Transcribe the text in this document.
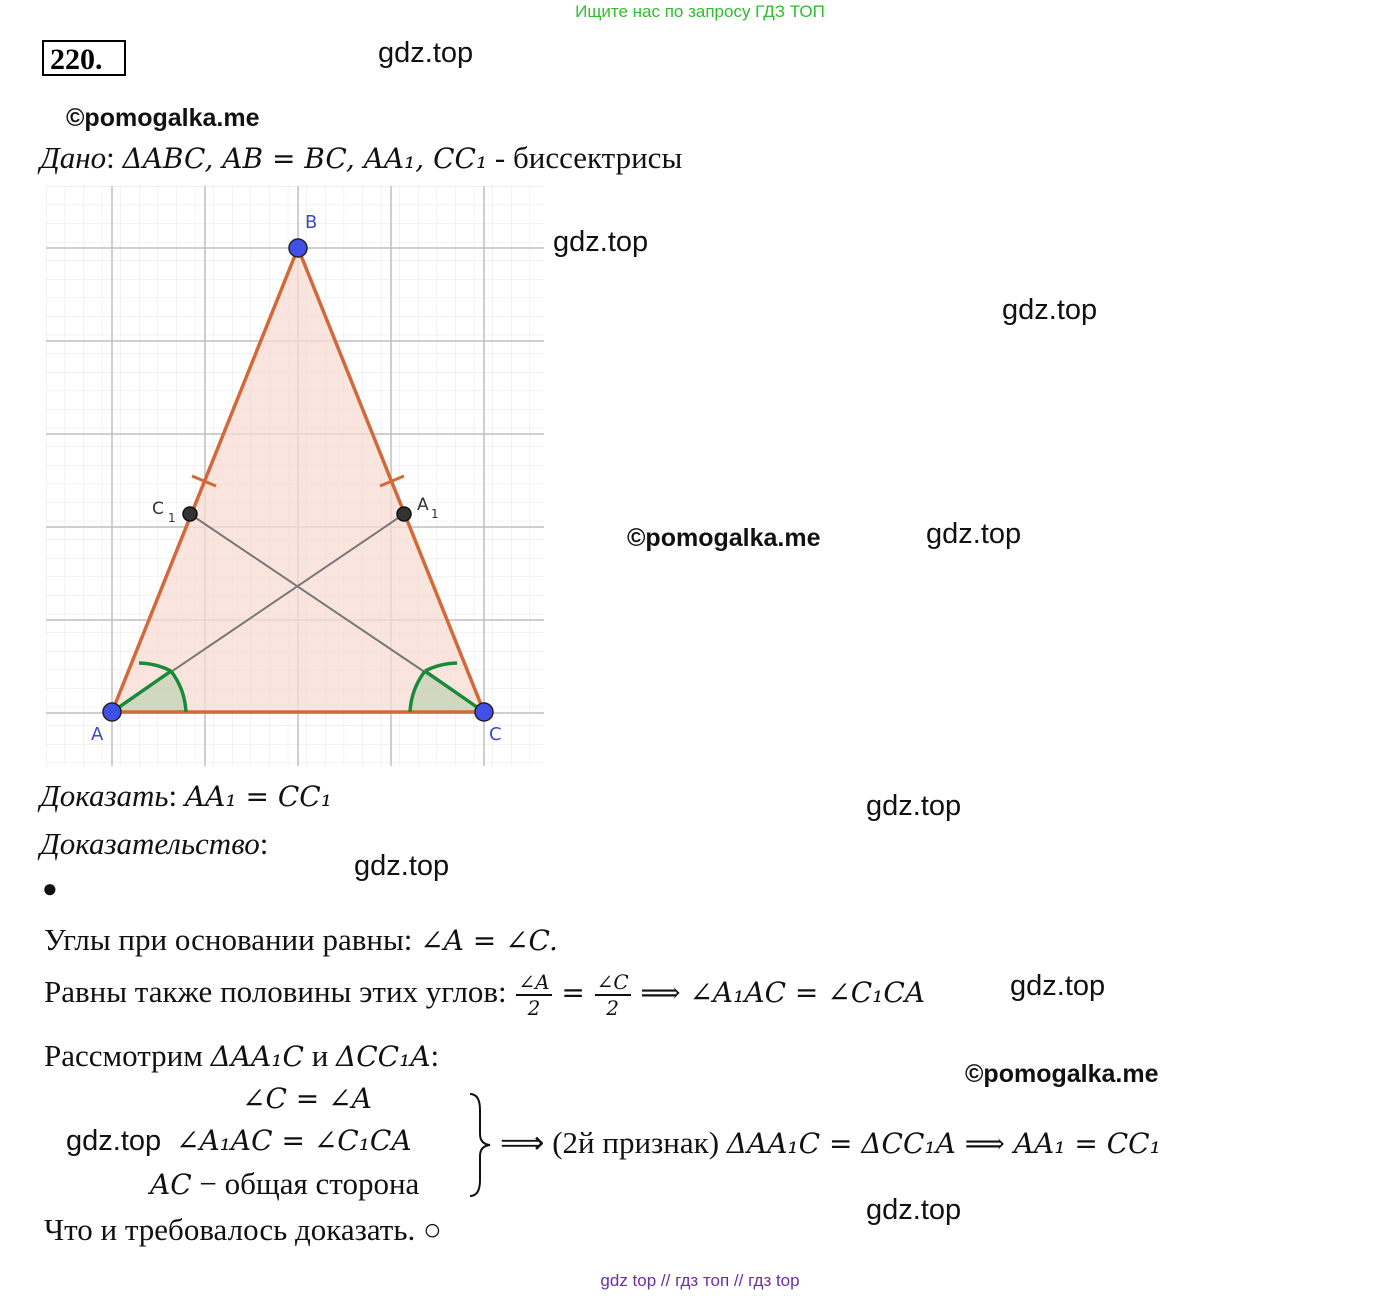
Ищите нас по запросу ГДЗ ТОП
220.	gdz.top
©pomogalka.me
gdz.top
gdz.top
©pomogalka.me	gdz.top
gdz.top
gdz.top
gdz.top
©pomogalka.me
gdz.top
gdz.top
Дано: ΔABC, AB = BC, AA₁, CC₁ - биссектрисы
A
B
C
C 1
A 1
Доказать: AA₁ = CC₁
Доказательство:
●
Углы при основании равны: ∠A = ∠C.
Равны также половины этих углов: $\frac{\angle A}{2} = \frac{\angle C}{2}$ ⟹ ∠A₁AC = ∠C₁CA
Рассмотрим ΔAA₁C и ΔCC₁A:
∠C = ∠A
∠A₁AC = ∠C₁CA
AC − общая сторона
⟹ (2й признак) ΔAA₁C = ΔCC₁A ⟹ AA₁ = CC₁
Что и требовалось доказать. ○
gdz top // гдз топ // гдз top
